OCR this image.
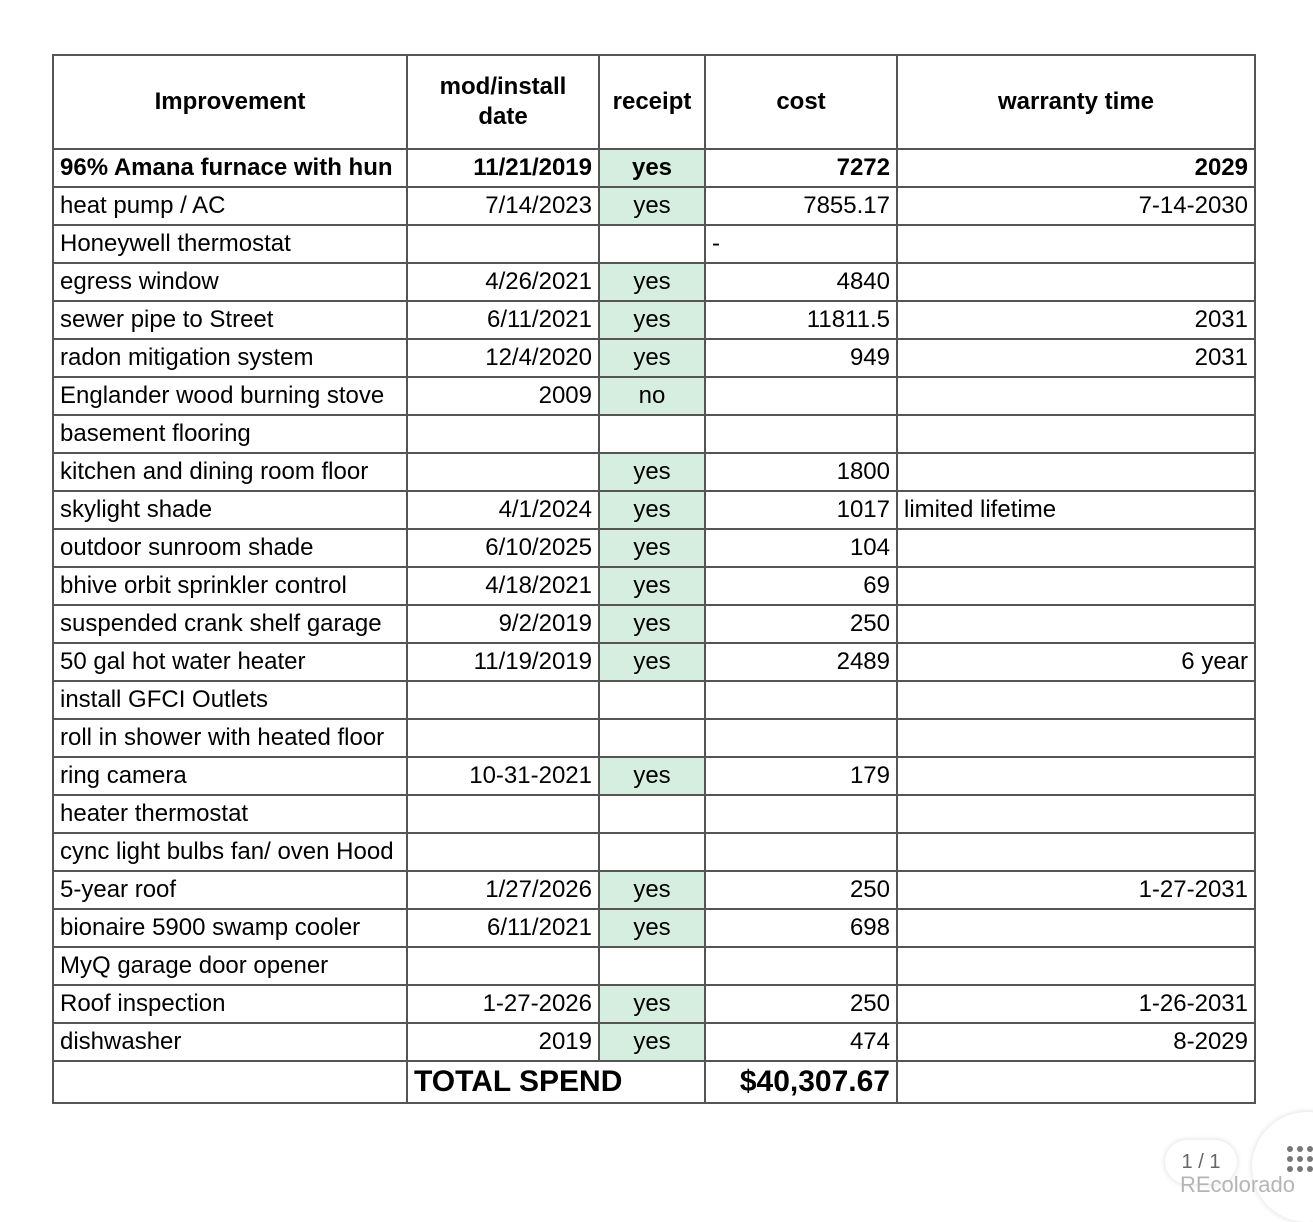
Improvement	mod/install date	receipt	cost	warranty time
96% Amana furnace with hun	11/21/2019	yes	7272	2029
heat pump / AC	7/14/2023	yes	7855.17	7-14-2030
Honeywell thermostat			-	
egress window	4/26/2021	yes	4840	
sewer pipe to Street	6/11/2021	yes	11811.5	2031
radon mitigation system	12/4/2020	yes	949	2031
Englander wood burning stove	2009	no		
basement flooring				
kitchen and dining room floor		yes	1800	
skylight shade	4/1/2024	yes	1017	limited lifetime
outdoor sunroom shade	6/10/2025	yes	104	
bhive orbit sprinkler control	4/18/2021	yes	69	
suspended crank shelf garage	9/2/2019	yes	250	
50 gal hot water heater	11/19/2019	yes	2489	6 year
install GFCI Outlets				
roll in shower with heated floor				
ring camera	10-31-2021	yes	179	
heater thermostat				
cync light bulbs fan/ oven Hood				
5-year roof	1/27/2026	yes	250	1-27-2031
bionaire 5900 swamp cooler	6/11/2021	yes	698	
MyQ garage door opener				
Roof inspection	1-27-2026	yes	250	1-26-2031
dishwasher	2019	yes	474	8-2029
	TOTAL SPEND		$40,307.67	
1 / 1
REcolorado
